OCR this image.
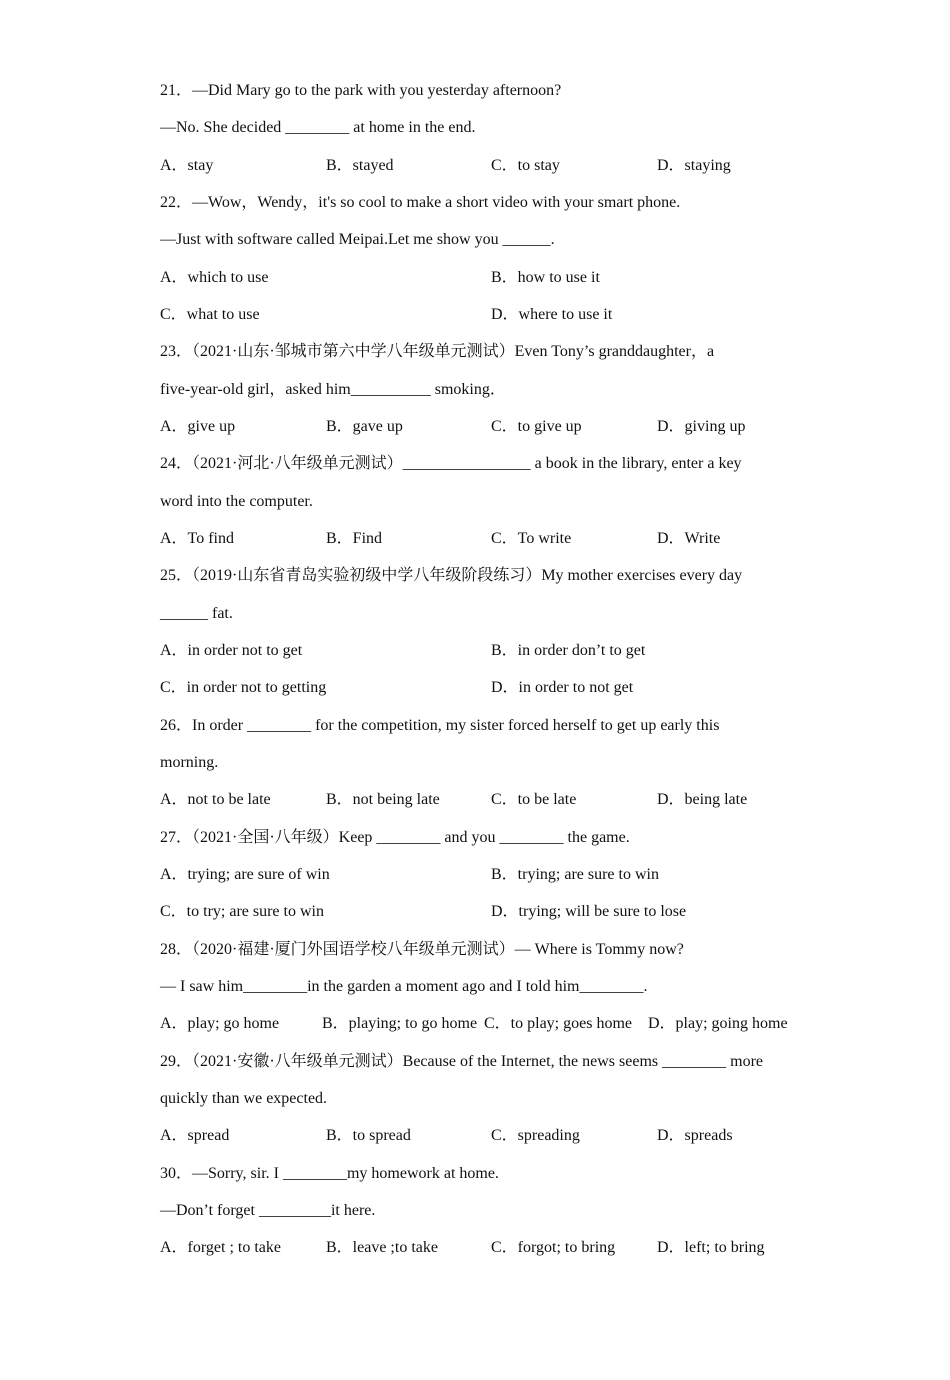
21．—Did Mary go to the park with you yesterday afternoon?
—No. She decided ________ at home in the end.

A．stay

	B．stayed

	C．to stay

	D．staying

22．—Wow，Wendy，it's so cool to make a short video with your smart phone.
—Just with software called Meipai.Let me show you ______.

A．which to use

	B．how to use it

C．what to use

	D．where to use it

23．（2021·山东·邹城市第六中学八年级单元测试）Even Tony’s granddaughter，a
five-year-old girl，asked him__________ smoking．

A．give up

	B．gave up

	C．to give up

	D．giving up

24．（2021·河北·八年级单元测试）________________ a book in the library, enter a key
word into the computer.

A．To find

	B．Find

	C．To write

	D．Write

25．（2019·山东省青岛实验初级中学八年级阶段练习）My mother exercises every day
______ fat.

A．in order not to get

	B．in order don’t to get

C．in order not to getting

	D．in order to not get

26．In order ________ for the competition, my sister forced herself to get up early this
morning.

A．not to be late

	B．not being late

	C．to be late

	D．being late

27．（2021·全国·八年级）Keep ________ and you ________ the game.

A．trying; are sure of win

	B．trying; are sure to win

C．to try; are sure to win

	D．trying; will be sure to lose

28．（2020·福建·厦门外国语学校八年级单元测试）— Where is Tommy now?
— I saw him________in the garden a moment ago and I told him________.

A．play; go home

	B．playing; to go home

C．to play; goes home

D．play; going home

29．（2021·安徽·八年级单元测试）Because of the Internet, the news seems ________ more
quickly than we expected.

A．spread

	B．to spread

	C．spreading

	D．spreads

30．—Sorry, sir. I ________my homework at home.
—Don’t forget _________it here.

A．forget ; to take

	B．leave ;to take

	C．forgot; to bring

	D．left; to bring
